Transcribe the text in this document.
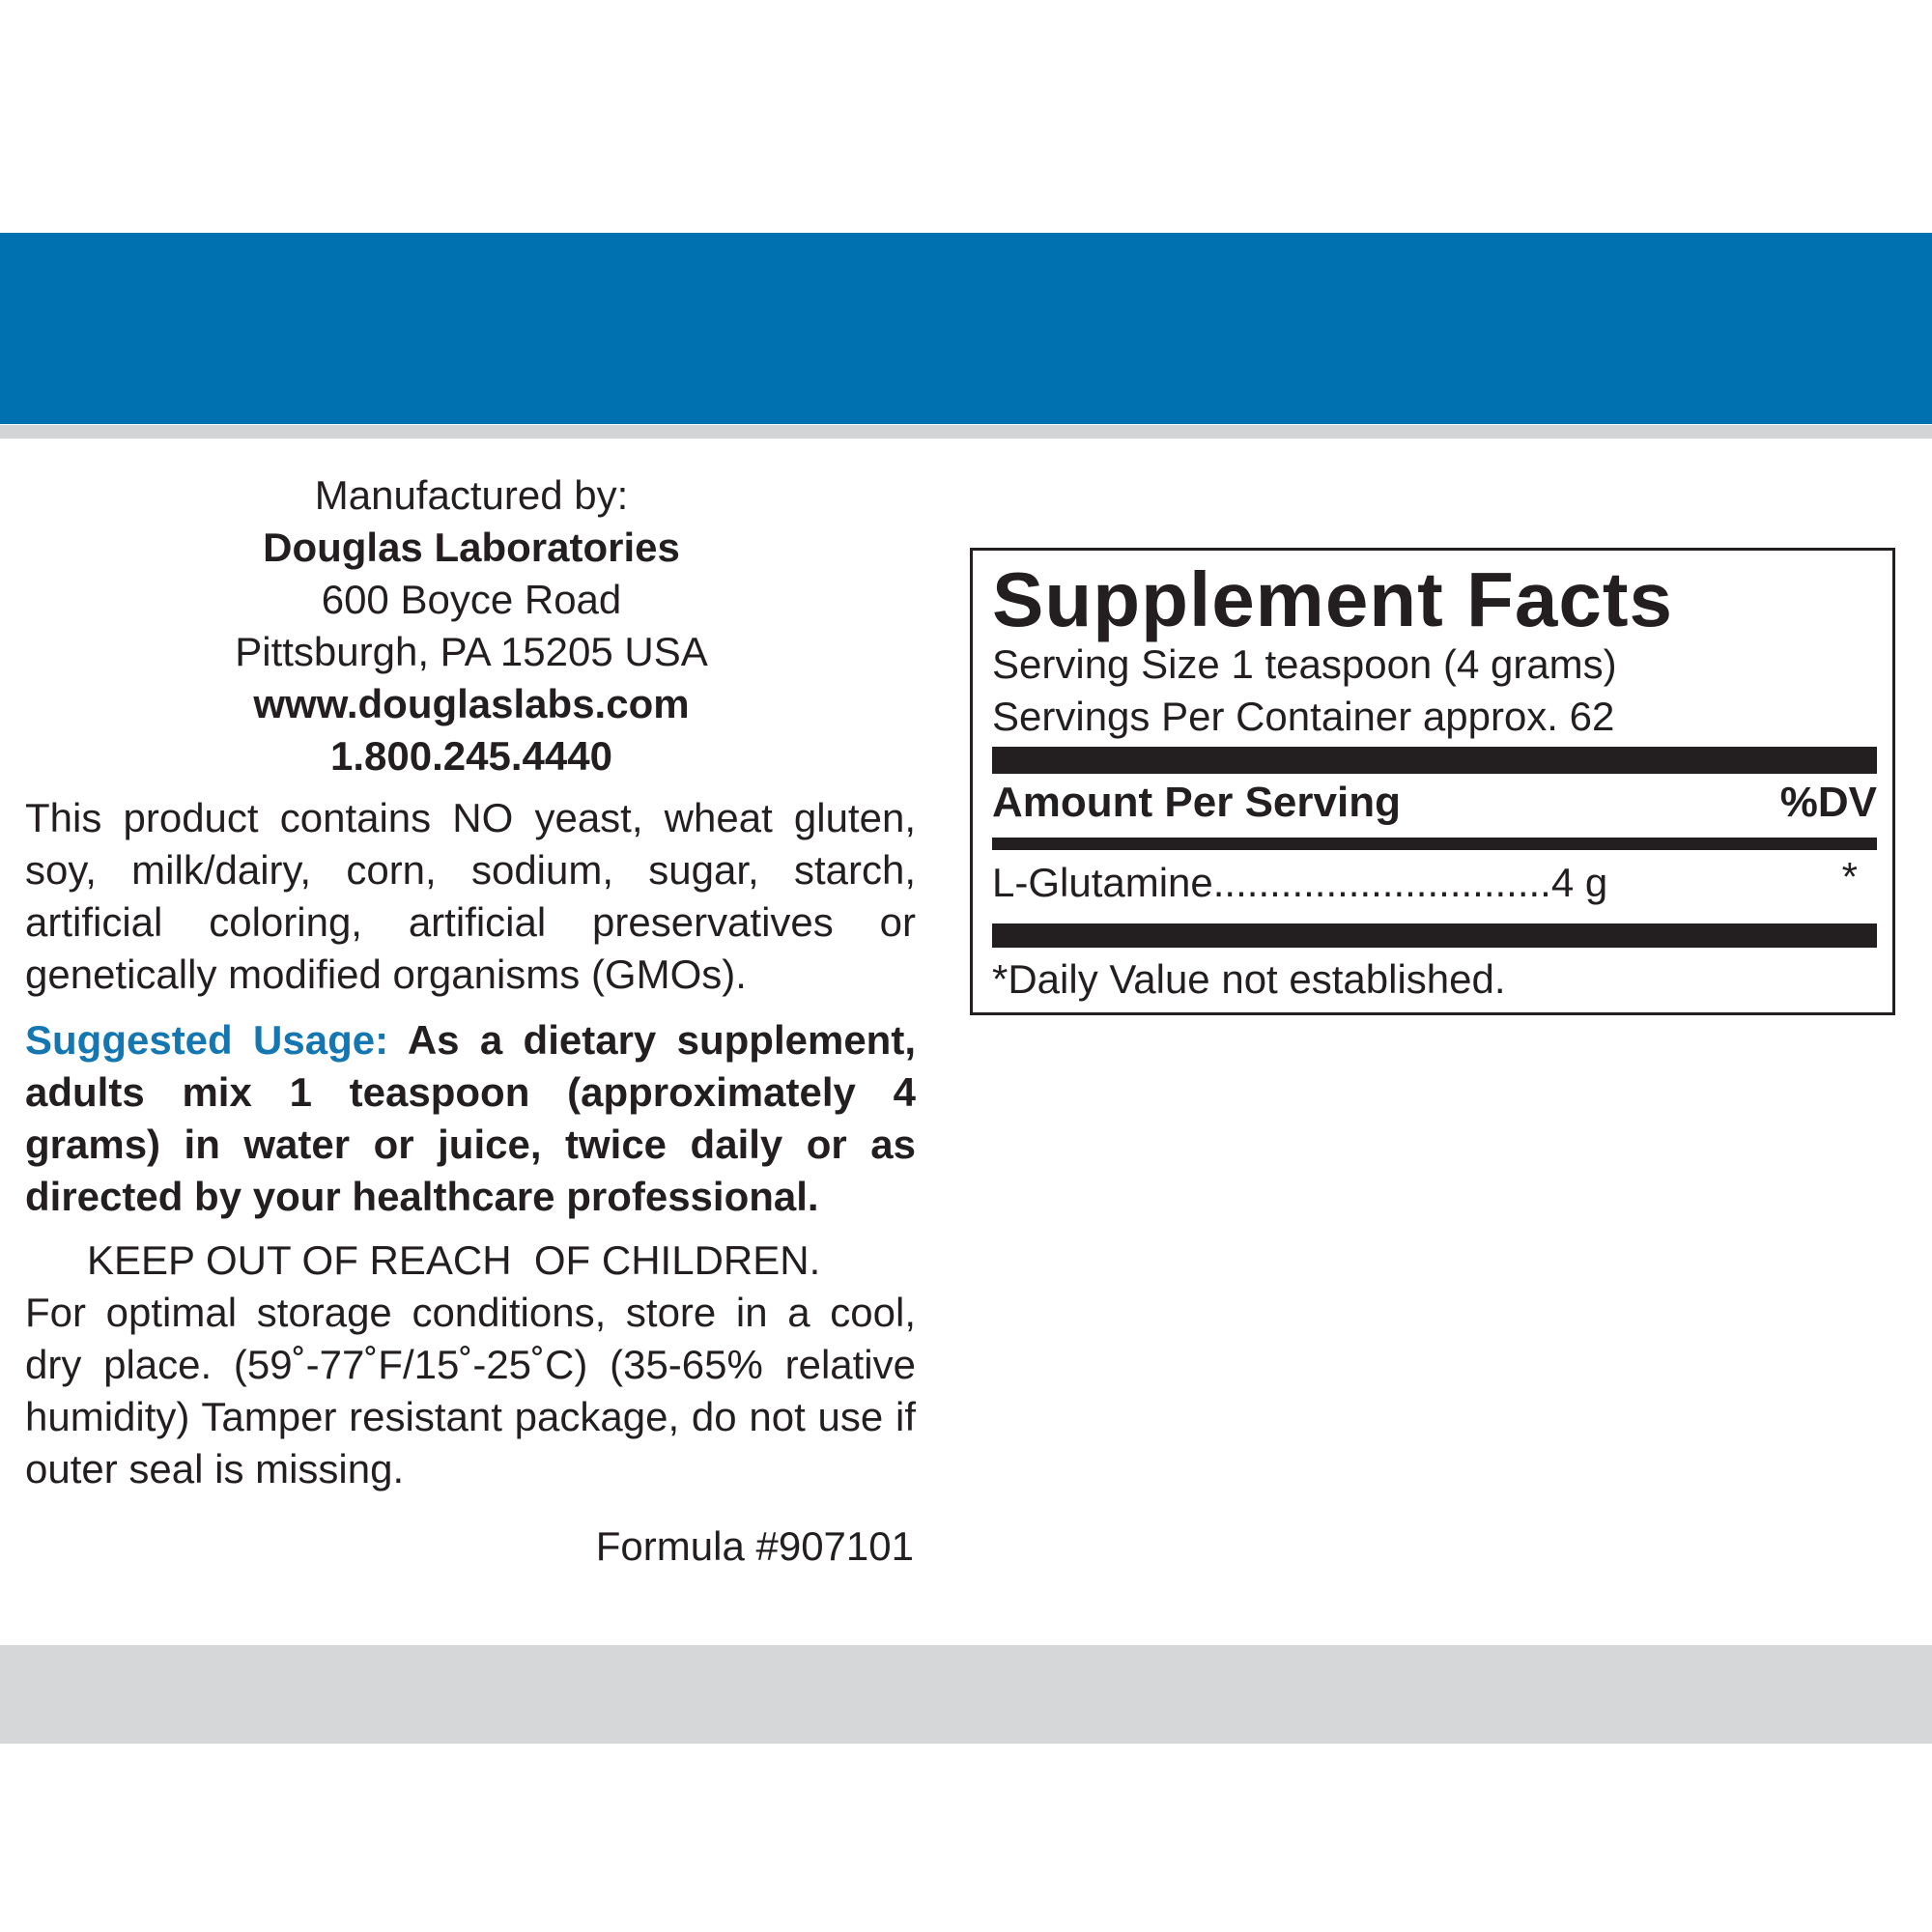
Manufactured by:
Douglas Laboratories
600 Boyce Road
Pittsburgh, PA 15205 USA
www.douglaslabs.com
1.800.245.4440
This product contains NO yeast, wheat gluten, soy, milk/dairy, corn, sodium, sugar, starch, artificial coloring, artificial preservatives or genetically modified organisms (GMOs).
Suggested Usage: As a dietary supplement, adults mix 1 teaspoon (approximately 4 grams) in water or juice, twice daily or as directed by your healthcare professional.
KEEP OUT OF REACH  OF CHILDREN.
For optimal storage conditions, store in a cool, dry place. (59˚-77˚F/15˚-25˚C) (35-65% relative humidity) Tamper resistant package, do not use if outer seal is missing.
Formula #907101
Supplement Facts
Serving Size 1 teaspoon (4 grams)
Servings Per Container approx. 62
Amount Per Serving	%DV
L-Glutamine..............................4 g	*
*Daily Value not established.
